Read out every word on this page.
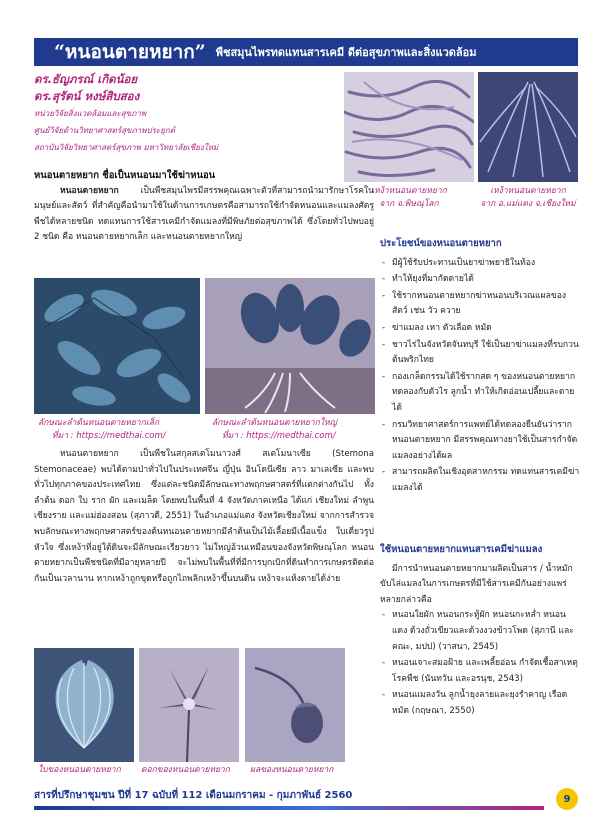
“หนอนตายหยาก” พืชสมุนไพรทดแทนสารเคมี ดีต่อสุขภาพและสิ่งแวดล้อม
ดร.ธัญภรณ์ เกิดน้อย
ดร.สุรัตน์ หงษ์สิบสอง
หน่วยวิจัยสิ่งแวดล้อมและสุขภาพ
ศูนย์วิจัยด้านวิทยาศาสตร์สุขภาพประยุกต์
สถาบันวิจัยวิทยาศาสตร์สุขภาพ มหาวิทยาลัยเชียงใหม่
เหง้าหนอนตายหยาก
จาก จ.พิษณุโลก
เหง้าหนอนตายหยาก
จาก อ.แม่แตง จ.เชียงใหม่
หนอนตายหยาก ชื่อเป็นหนอนมาใช้ฆ่าหนอน

หนอนตายหยาก เป็นพืชสมุนไพรมีสรรพคุณเฉพาะตัวที่สามารถนำมารักษาโรคในมนุษย์และสัตว์ ที่สำคัญคือนำมาใช้ในด้านการเกษตรคือสามารถใช้กำจัดหนอนและแมลงศัตรูพืชได้หลายชนิด ทดแทนการใช้สารเคมีกำจัดแมลงที่มีพิษภัยต่อสุขภาพได้ ซึ่งโดยทั่วไปพบอยู่ 2 ชนิด คือ หนอนตายหยากเล็ก และหนอนตายหยากใหญ่

ลักษณะลำต้นหนอนตายหยากเล็ก
ที่มา : https://medthai.com/
ลักษณะลำต้นหนอนตายหยากใหญ่
ที่มา : https://medthai.com/

หนอนตายหยาก เป็นพืชในสกุลสเตโมนาวงศ์ สเตโมนาเซีย (Stemona Stemonaceae) พบได้ตามป่าทั่วไปในประเทศจีน ญี่ปุ่น อินโดนีเซีย ลาว มาเลเซีย และพบทั่วไปทุกภาคของประเทศไทย ซึ่งแต่ละชนิดมีลักษณะทางพฤกษศาสตร์ที่แตกต่างกันไป ทั้งลำต้น ดอก ใบ ราก ผัก และเมล็ด โดยพบในพื้นที่ 4 จังหวัดภาคเหนือ ได้แก่ เชียงใหม่ ลำพูน เชียงราย และแม่ฮ่องสอน (สุภาวดี, 2551) ในอำเภอแม่แตง จังหวัดเชียงใหม่ จากการสำรวจพบลักษณะทางพฤกษศาสตร์ของต้นหนอนตายหยากมีลำต้นเป็นไม้เลื้อยมีเนื้อแข็ง ใบเดี่ยวรูปหัวใจ ซึ่งเหง้าที่อยู่ใต้ดินจะมีลักษณะเรียวยาว ไม่ใหญ่อ้วนเหมือนของจังหวัดพิษณุโลก หนอนตายหยากเป็นพืชชนิดที่มีอายุหลายปี จะไม่พบในพื้นที่ที่มีการบุกเบิกที่ดินทำการเกษตรติดต่อกันเป็นเวลานาน หากเหง้าถูกขุดหรือถูกไถพลิกเหง้าขึ้นบนดิน เหง้าจะแห้งตายได้ง่าย

ใบของหนอนตายหยาก	ดอกของหนอนตายหยาก	ผลของหนอนตายหยาก
ประโยชน์ของหนอนตายหยาก
- มีผู้ใช้รับประทานเป็นยาฆ่าพยาธิในท้อง
- ทำให้ยุงที่มากัดตายได้
- ใช้รากหนอนตายหยากฆ่าหนอนบริเวณแผลของสัตว์ เช่น วัว ควาย
- ฆ่าแมลง เหา ตัวเลือด หมัด
- ชาวไร่ในจังหวัดจันทบุรี ใช้เป็นยาฆ่าแมลงที่รบกวนต้นพริกไทย
- กองเกล็ดกรรมได้ใช้รากสด ๆ ของหนอนตายหยากทดลองกับตัวไร ลูกน้ำ ทำให้เกิดอ่อนเปลี้ยและตายได้
- กรมวิทยาศาสตร์การแพทย์ได้ทดลองยืนยันว่ารากหนอนตายหยาก มีสรรพคุณทางยาใช้เป็นสารกำจัดแมลงอย่างได้ผล
- สามารถผลิตในเชิงอุตสาหกรรม ทดแทนสารเคมีฆ่าแมลงได้
ใช้หนอนตายหยากแทนสารเคมีฆ่าแมลง

มีการนำหนอนตายหยากมาผลิตเป็นสาร / น้ำหมักขับไล่แมลงในการเกษตรที่มีใช้สารเคมีกันอย่างแพร่หลายกล่าวคือ

- หนอนใยผัก หนอนกระทู้ผัก หนอนกะหล่ำ หนอนแดง ด้วงถั่วเขียวและด้วงงวงข้าวโพด (สุภานี และคณะ, มปป) (วาสนา, 2545)
- หนอนเจาะสมอฝ้าย และเพลี้ยอ่อน กำจัดเชื้อสาเหตุโรคพืช (นันทวัน และอรนุช, 2543)
- หนอนแมลงวัน ลูกน้ำยุงลายและยุงรำคาญ เรือด หมัด (กฤษณา, 2550)
สารที่ปรึกษาชุมชน ปีที่ 17 ฉบับที่ 112 เดือนมกราคม - กุมภาพันธ์ 2560	9
